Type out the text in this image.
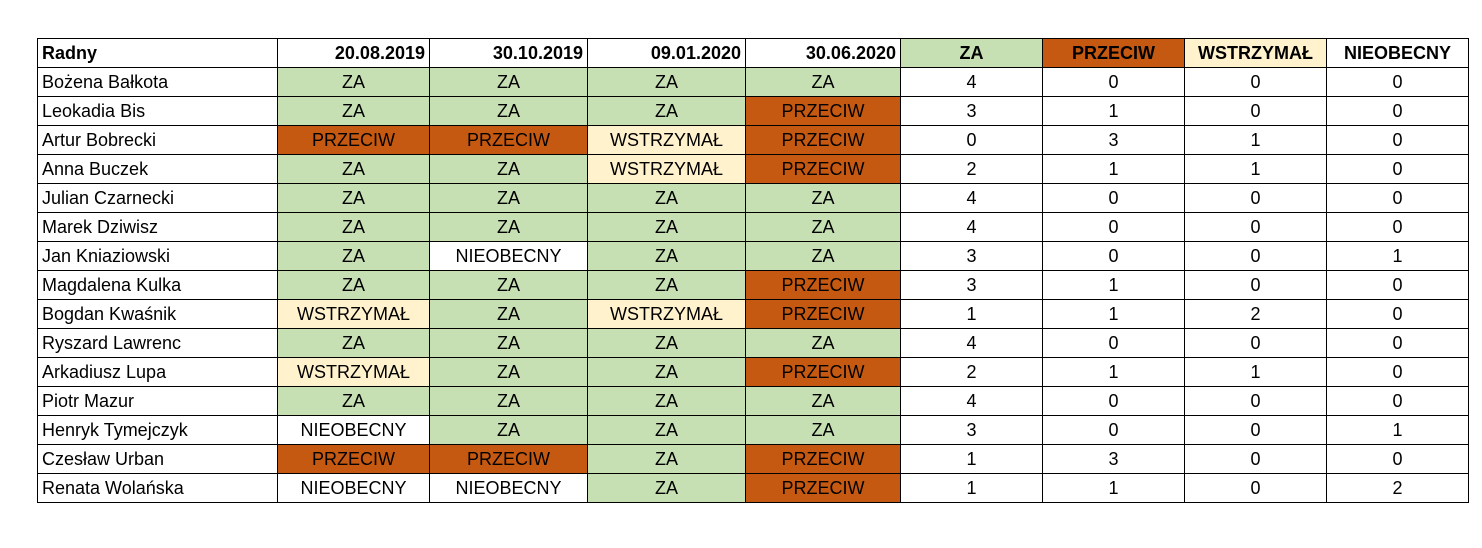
Radny	20.08.2019	30.10.2019	09.01.2020	30.06.2020	ZA	PRZECIW	WSTRZYMAŁ	NIEOBECNY
Bożena Bałkota	ZA	ZA	ZA	ZA	4	0	0	0
Leokadia Bis	ZA	ZA	ZA	PRZECIW	3	1	0	0
Artur Bobrecki	PRZECIW	PRZECIW	WSTRZYMAŁ	PRZECIW	0	3	1	0
Anna Buczek	ZA	ZA	WSTRZYMAŁ	PRZECIW	2	1	1	0
Julian Czarnecki	ZA	ZA	ZA	ZA	4	0	0	0
Marek Dziwisz	ZA	ZA	ZA	ZA	4	0	0	0
Jan Kniaziowski	ZA	NIEOBECNY	ZA	ZA	3	0	0	1
Magdalena Kulka	ZA	ZA	ZA	PRZECIW	3	1	0	0
Bogdan Kwaśnik	WSTRZYMAŁ	ZA	WSTRZYMAŁ	PRZECIW	1	1	2	0
Ryszard Lawrenc	ZA	ZA	ZA	ZA	4	0	0	0
Arkadiusz Lupa	WSTRZYMAŁ	ZA	ZA	PRZECIW	2	1	1	0
Piotr Mazur	ZA	ZA	ZA	ZA	4	0	0	0
Henryk Tymejczyk	NIEOBECNY	ZA	ZA	ZA	3	0	0	1
Czesław Urban	PRZECIW	PRZECIW	ZA	PRZECIW	1	3	0	0
Renata Wolańska	NIEOBECNY	NIEOBECNY	ZA	PRZECIW	1	1	0	2
